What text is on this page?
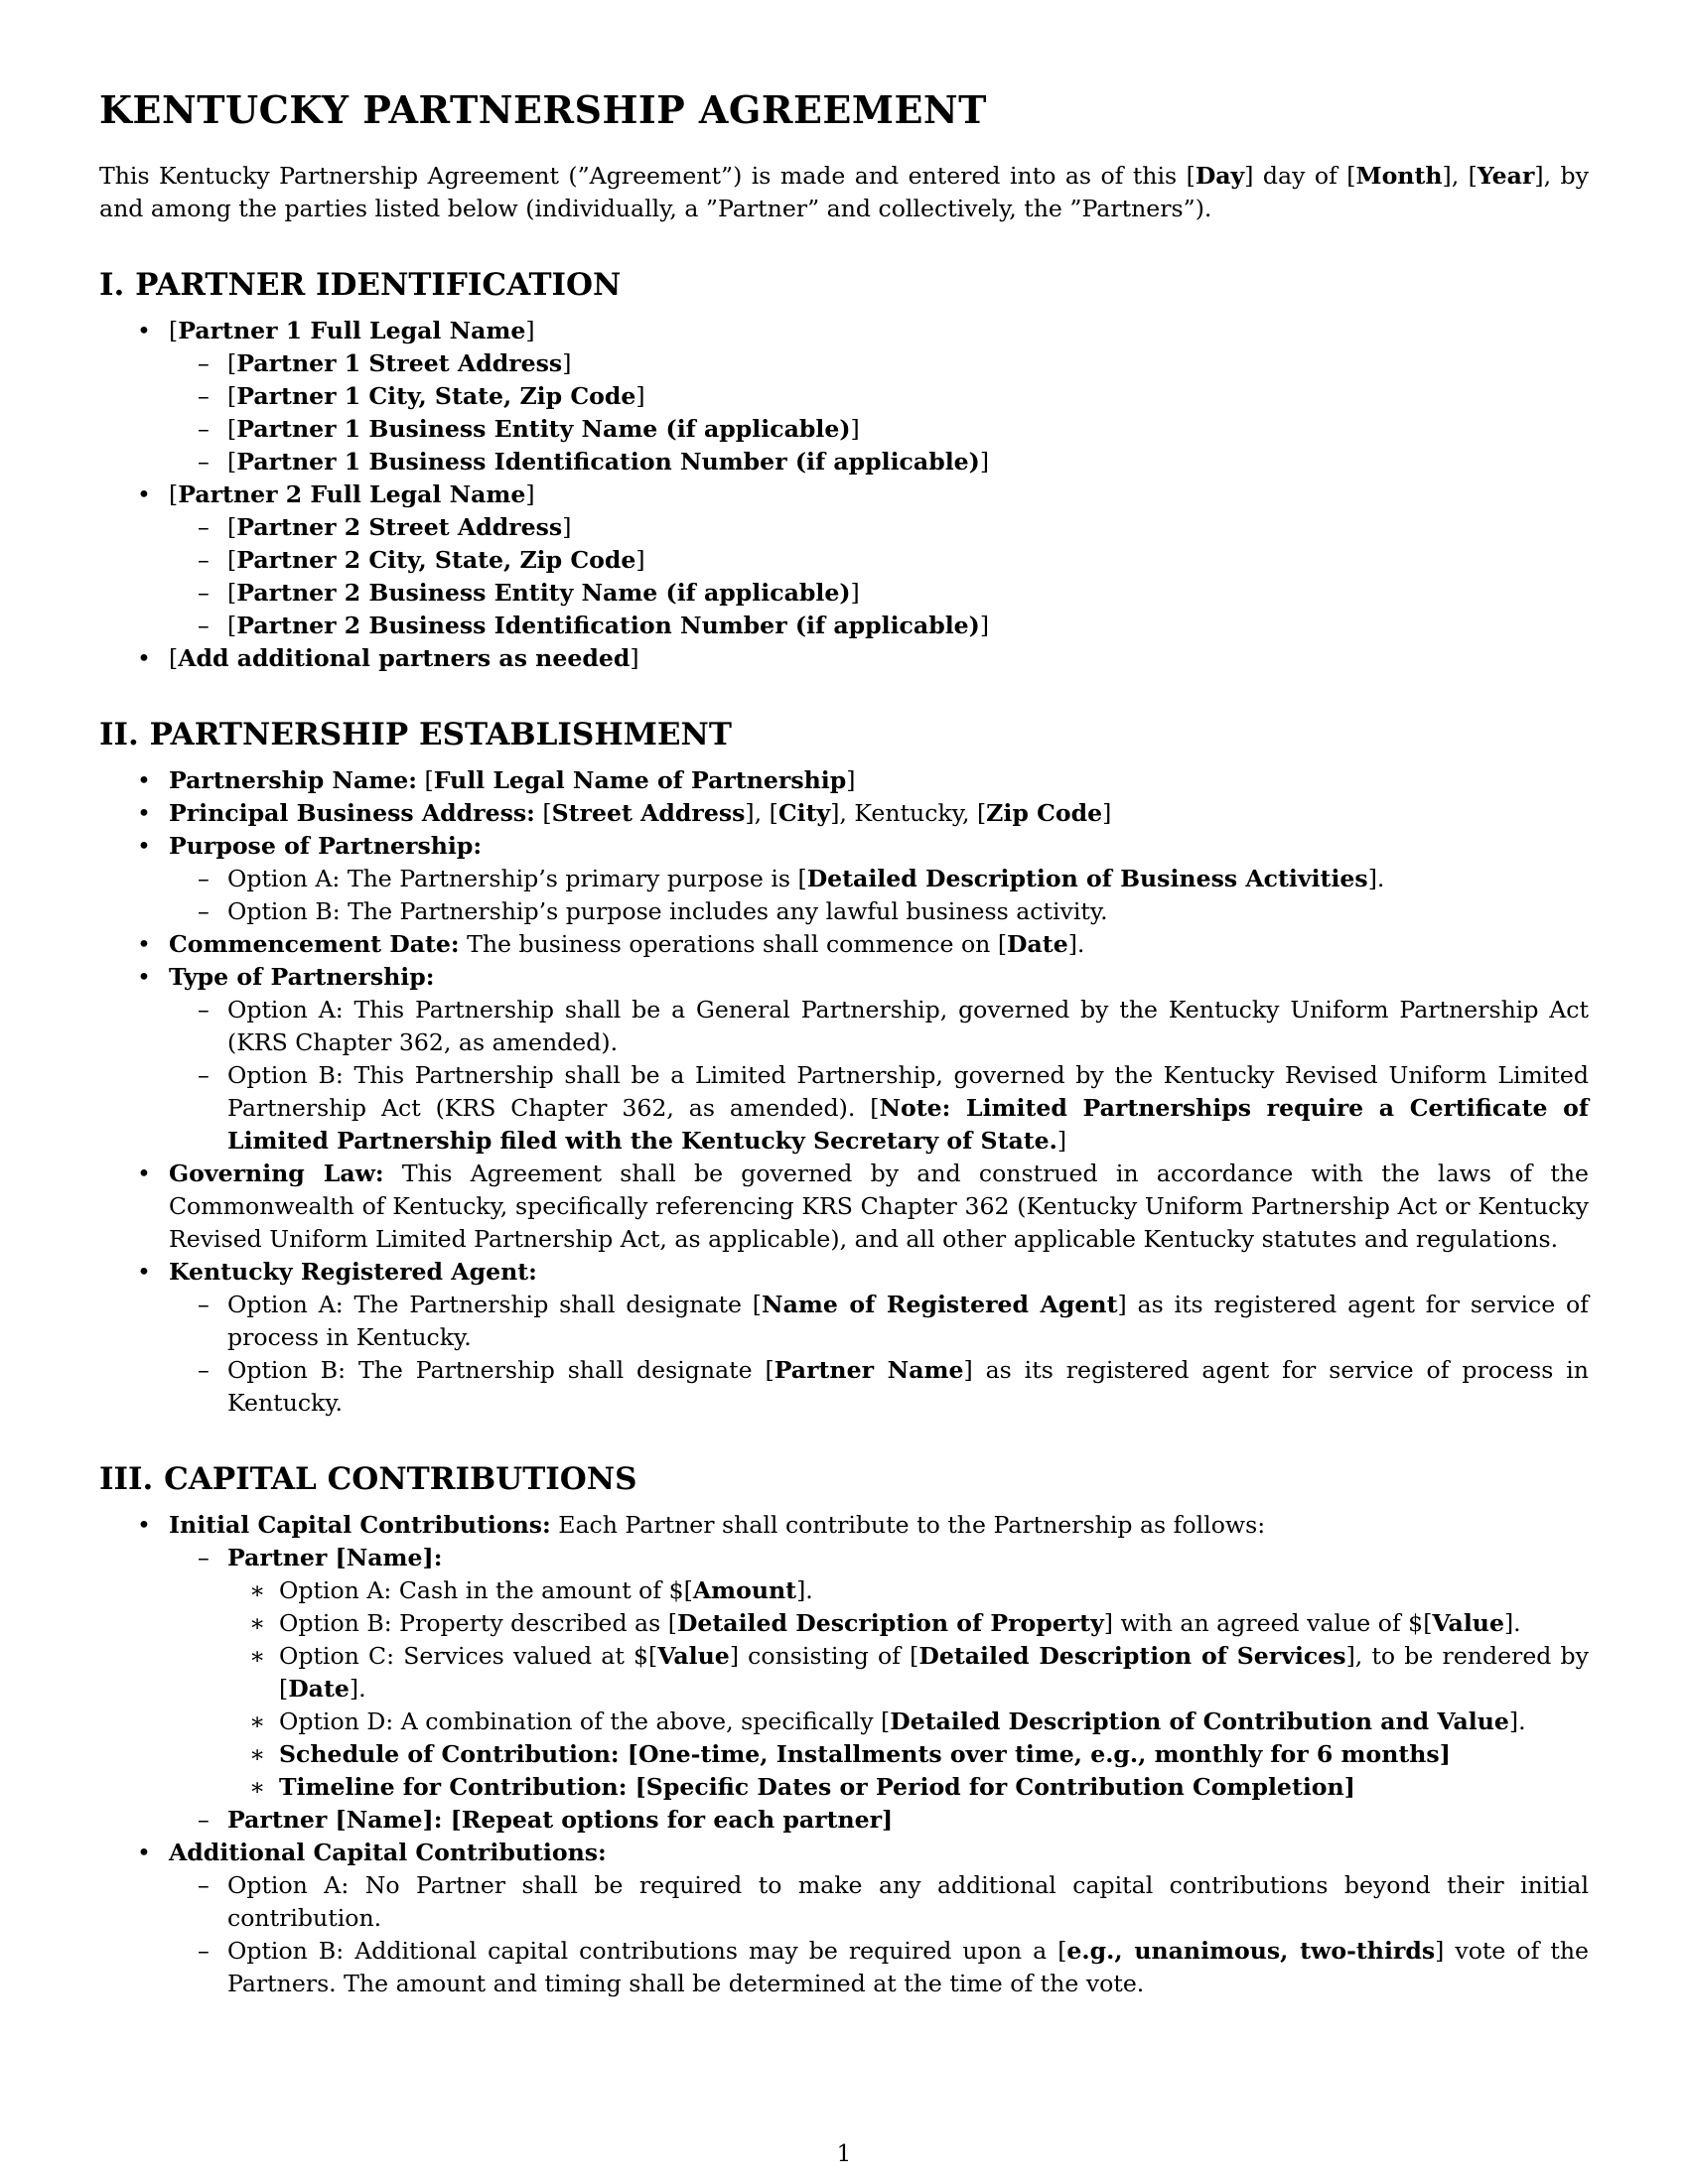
KENTUCKY PARTNERSHIP AGREEMENT

This Kentucky Partnership Agreement (”Agreement”) is made and entered into as of this [Day] day of [Month], [Year], by and among the parties listed below (individually, a ”Partner” and collectively, the ”Partners”).

I. PARTNER IDENTIFICATION
• [Partner 1 Full Legal Name]
– [Partner 1 Street Address]
– [Partner 1 City, State, Zip Code]
– [Partner 1 Business Entity Name (if applicable)]
– [Partner 1 Business Identification Number (if applicable)]
• [Partner 2 Full Legal Name]
– [Partner 2 Street Address]
– [Partner 2 City, State, Zip Code]
– [Partner 2 Business Entity Name (if applicable)]
– [Partner 2 Business Identification Number (if applicable)]
• [Add additional partners as needed]
II. PARTNERSHIP ESTABLISHMENT
• Partnership Name: [Full Legal Name of Partnership]
• Principal Business Address: [Street Address], [City], Kentucky, [Zip Code]
• Purpose of Partnership:
– Option A: The Partnership’s primary purpose is [Detailed Description of Business Activities].
– Option B: The Partnership’s purpose includes any lawful business activity.
• Commencement Date: The business operations shall commence on [Date].
• Type of Partnership:
– Option A: This Partnership shall be a General Partnership, governed by the Kentucky Uniform Partnership Act (KRS Chapter 362, as amended).
– Option B: This Partnership shall be a Limited Partnership, governed by the Kentucky Revised Uniform Limited Partnership Act (KRS Chapter 362, as amended). [Note: Limited Partnerships require a Certificate of Limited Partnership filed with the Kentucky Secretary of State.]
• Governing Law: This Agreement shall be governed by and construed in accordance with the laws of the Commonwealth of Kentucky, specifically referencing KRS Chapter 362 (Kentucky Uniform Partnership Act or Kentucky Revised Uniform Limited Partnership Act, as applicable), and all other applicable Kentucky statutes and regulations.
• Kentucky Registered Agent:
– Option A: The Partnership shall designate [Name of Registered Agent] as its registered agent for service of process in Kentucky.
– Option B: The Partnership shall designate [Partner Name] as its registered agent for service of process in Kentucky.
III. CAPITAL CONTRIBUTIONS
• Initial Capital Contributions: Each Partner shall contribute to the Partnership as follows:
– Partner [Name]:
∗ Option A: Cash in the amount of $[Amount].
∗ Option B: Property described as [Detailed Description of Property] with an agreed value of $[Value].
∗ Option C: Services valued at $[Value] consisting of [Detailed Description of Services], to be rendered by [Date].
∗ Option D: A combination of the above, specifically [Detailed Description of Contribution and Value].
∗ Schedule of Contribution: [One-time, Installments over time, e.g., monthly for 6 months]
∗ Timeline for Contribution: [Specific Dates or Period for Contribution Completion]
– Partner [Name]: [Repeat options for each partner]
• Additional Capital Contributions:
– Option A: No Partner shall be required to make any additional capital contributions beyond their initial contribution.
– Option B: Additional capital contributions may be required upon a [e.g., unanimous, two-thirds] vote of the Partners. The amount and timing shall be determined at the time of the vote.
1
